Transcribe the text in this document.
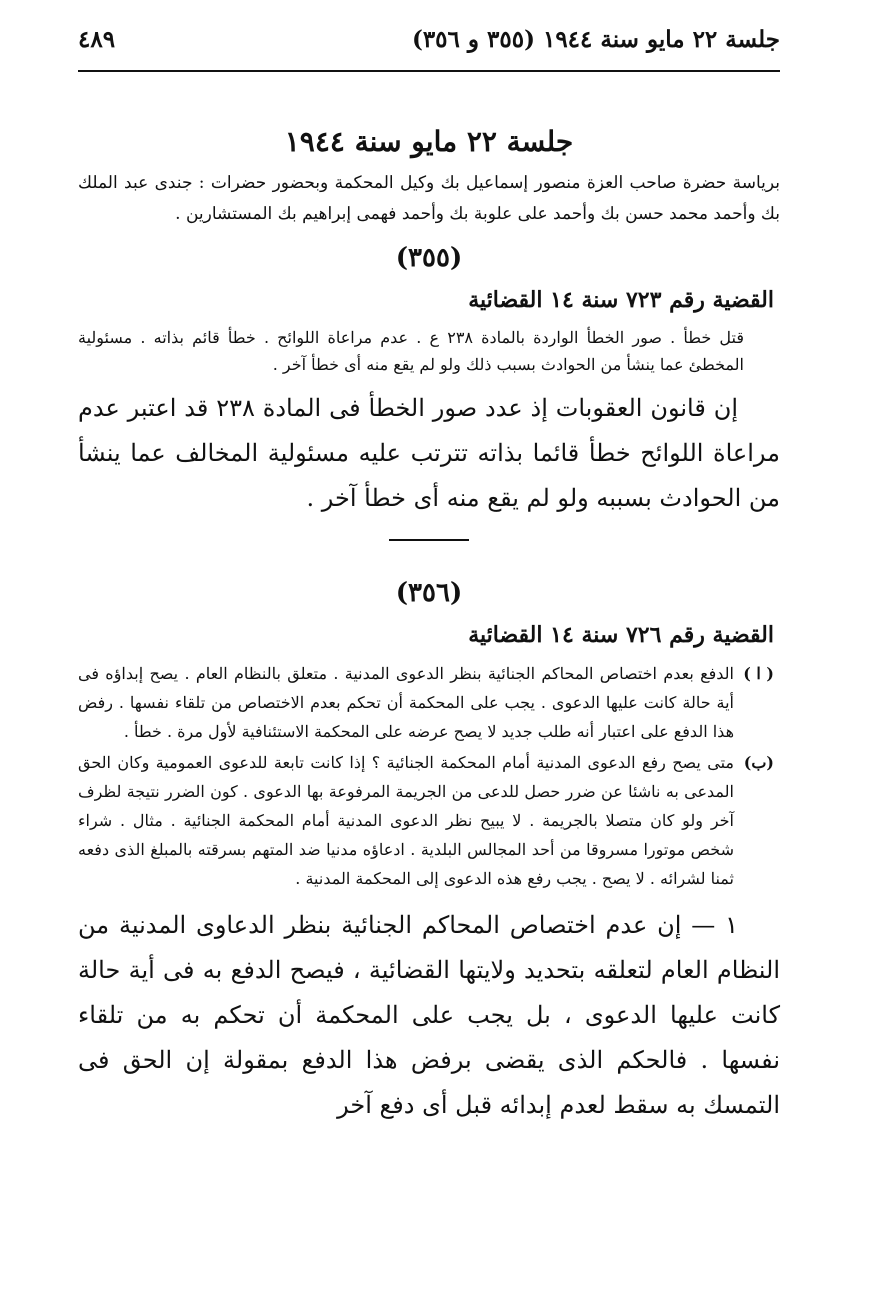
جلسة ٢٢ مايو سنة ١٩٤٤ (٣٥٥ و ٣٥٦)
٤٨٩
جلسة ٢٢ مايو سنة ١٩٤٤
برياسة حضرة صاحب العزة منصور إسماعيل بك وكيل المحكمة وبحضور حضرات : جندى عبد الملك بك وأحمد محمد حسن بك وأحمد على علوبة بك وأحمد فهمى إبراهيم بك المستشارين .
(٣٥٥)
القضية رقم ٧٢٣ سنة ١٤ القضائية
قتل خطأ . صور الخطأ الواردة بالمادة ٢٣٨ ع . عدم مراعاة اللوائح . خطأ قائم بذاته . مسئولية المخطئ عما ينشأ من الحوادث بسبب ذلك ولو لم يقع منه أى خطأ آخر .
إن قانون العقوبات إذ عدد صور الخطأ فى المادة ٢٣٨ قد اعتبر عدم مراعاة اللوائح خطأ قائما بذاته تترتب عليه مسئولية المخالف عما ينشأ من الحوادث بسببه ولو لم يقع منه أى خطأ آخر .
(٣٥٦)
القضية رقم ٧٢٦ سنة ١٤ القضائية
( ا )
الدفع بعدم اختصاص المحاكم الجنائية بنظر الدعوى المدنية . متعلق بالنظام العام . يصح إبداؤه فى أية حالة كانت عليها الدعوى . يجب على المحكمة أن تحكم بعدم الاختصاص من تلقاء نفسها . رفض هذا الدفع على اعتبار أنه طلب جديد لا يصح عرضه على المحكمة الاستئنافية لأول مرة . خطأ .
(ب)
متى يصح رفع الدعوى المدنية أمام المحكمة الجنائية ؟ إذا كانت تابعة للدعوى العمومية وكان الحق المدعى به ناشئا عن ضرر حصل للدعى من الجريمة المرفوعة بها الدعوى . كون الضرر نتيجة لظرف آخر ولو كان متصلا بالجريمة . لا يبيح نظر الدعوى المدنية أمام المحكمة الجنائية . مثال . شراء شخص موتورا مسروقا من أحد المجالس البلدية . ادعاؤه مدنيا ضد المتهم بسرقته بالمبلغ الذى دفعه ثمنا لشرائه . لا يصح . يجب رفع هذه الدعوى إلى المحكمة المدنية .
١ — إن عدم اختصاص المحاكم الجنائية بنظر الدعاوى المدنية من النظام العام لتعلقه بتحديد ولايتها القضائية ، فيصح الدفع به فى أية حالة كانت عليها الدعوى ، بل يجب على المحكمة أن تحكم به من تلقاء نفسها . فالحكم الذى يقضى برفض هذا الدفع بمقولة إن الحق فى التمسك به سقط لعدم إبدائه قبل أى دفع آخر
